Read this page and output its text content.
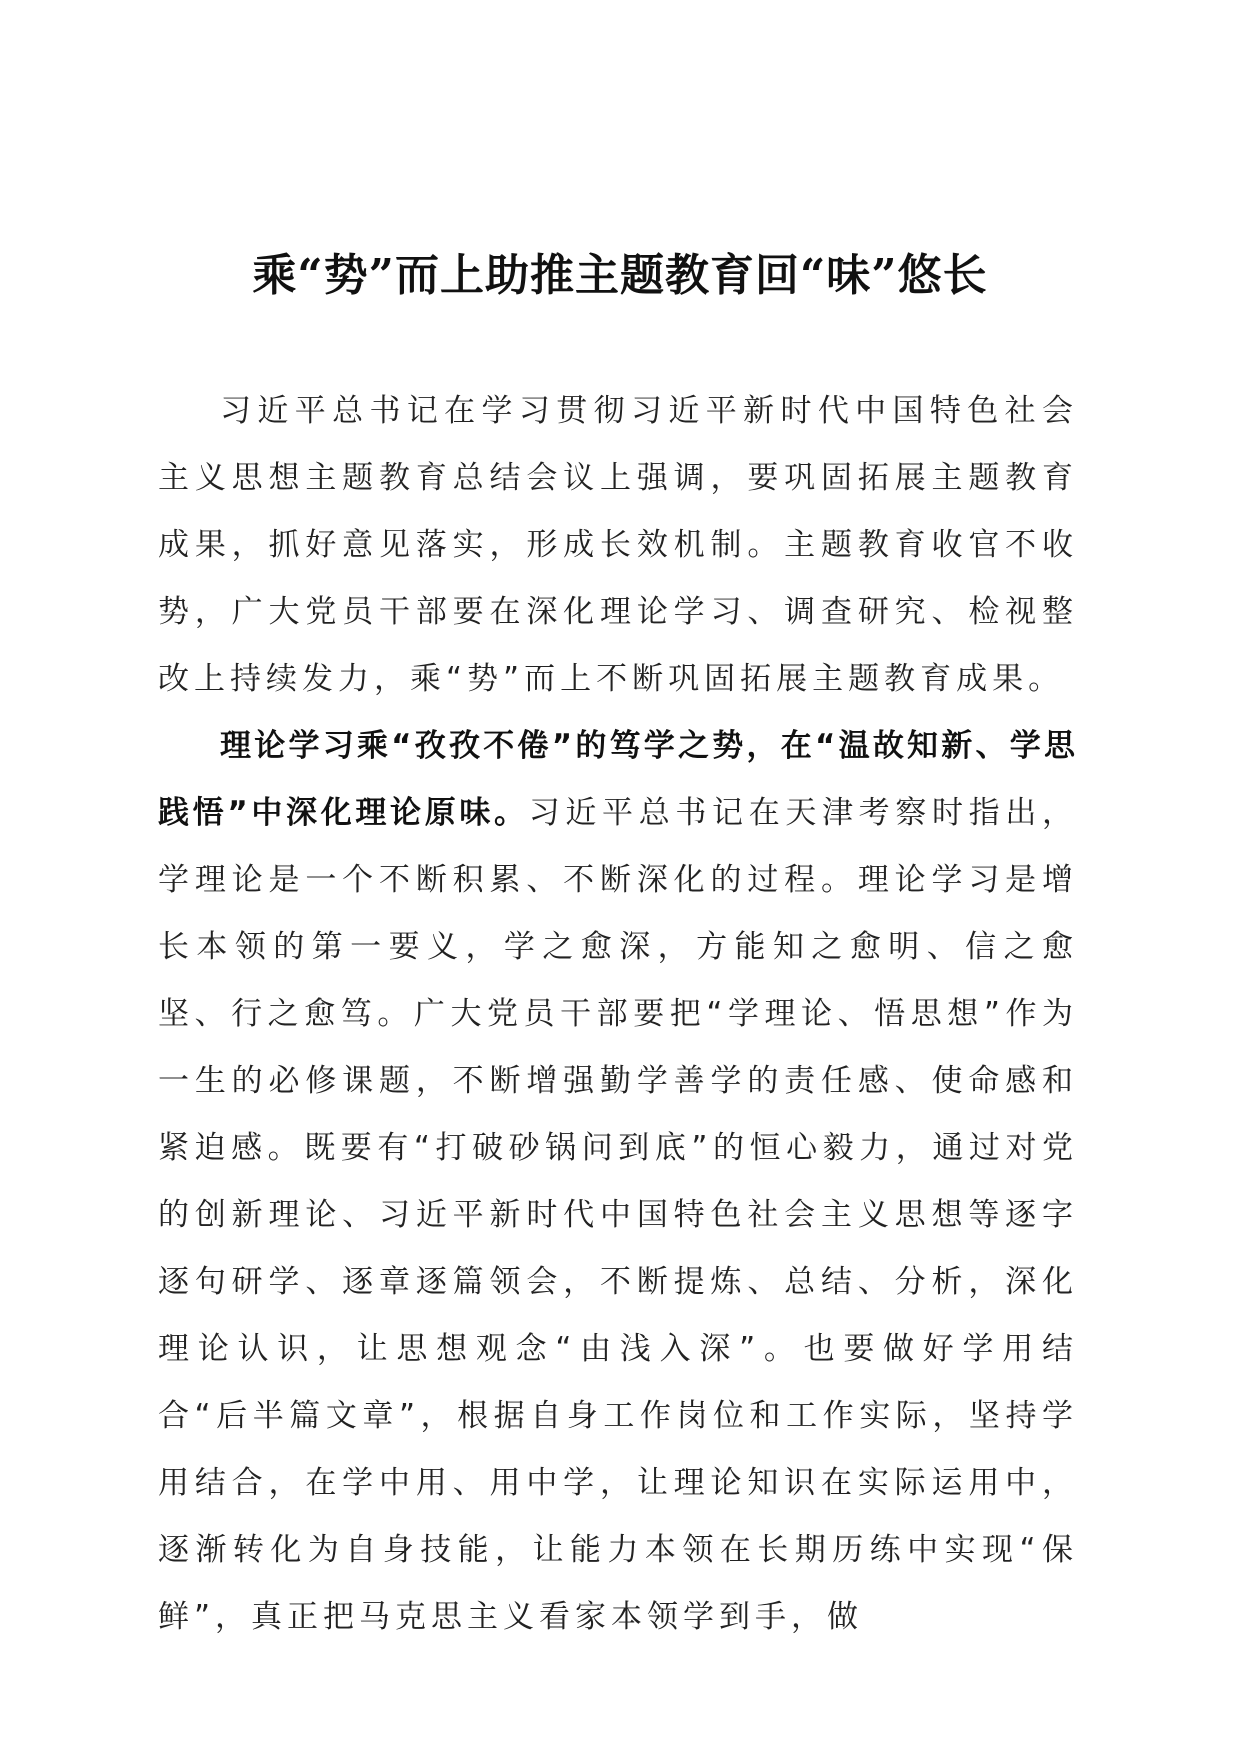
乘“势”而上助推主题教育回“味”悠长

习近平总书记在学习贯彻习近平新时代中国特色社会主义思想主题教育总结会议上强调，要巩固拓展主题教育成果，抓好意见落实，形成长效机制。主题教育收官不收势，广大党员干部要在深化理论学习、调查研究、检视整改上持续发力，乘“势”而上不断巩固拓展主题教育成果。

理论学习乘“孜孜不倦”的笃学之势，在“温故知新、学思践悟”中深化理论原味。习近平总书记在天津考察时指出，学理论是一个不断积累、不断深化的过程。理论学习是增长本领的第一要义，学之愈深，方能知之愈明、信之愈坚、行之愈笃。广大党员干部要把“学理论、悟思想”作为一生的必修课题，不断增强勤学善学的责任感、使命感和紧迫感。既要有“打破砂锅问到底”的恒心毅力，通过对党的创新理论、习近平新时代中国特色社会主义思想等逐字逐句研学、逐章逐篇领会，不断提炼、总结、分析，深化理论认识，让思想观念“由浅入深”。也要做好学用结合“后半篇文章”，根据自身工作岗位和工作实际，坚持学用结合，在学中用、用中学，让理论知识在实际运用中，逐渐转化为自身技能，让能力本领在长期历练中实现“保鲜”，真正把马克思主义看家本领学到手，做
